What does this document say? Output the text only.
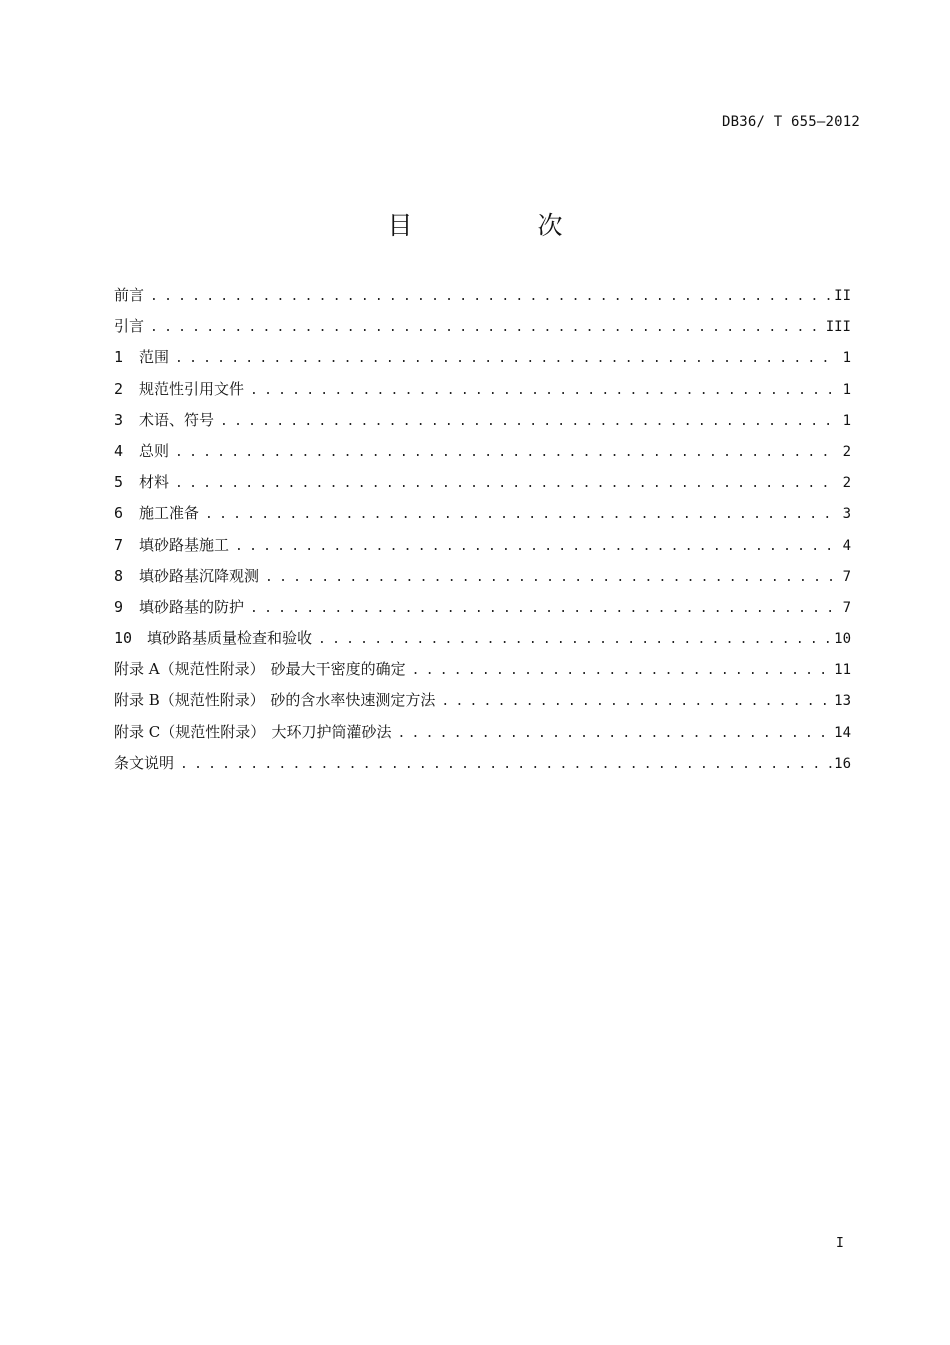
DB36/ T 655—2012
目　次
前言 . . .	II
引言 . . .	III
1	范围 . . .	1
2	规范性引用文件 . . .	1
3	术语、符号 . . .	1
4	总则 . . .	2
5	材料 . . .	2
6	施工准备 . . .	3
7	填砂路基施工 . . .	4
8	填砂路基沉降观测 . . .	7
9	填砂路基的防护 . . .	7
10 填砂路基质量检查和验收 . . .	10
附录 A（规范性附录） 砂最大干密度的确定 . . .	11
附录 B（规范性附录） 砂的含水率快速测定方法 . . .	13
附录 C（规范性附录） 大环刀护筒灌砂法 . . .	14
条文说明 . . .	16
I
